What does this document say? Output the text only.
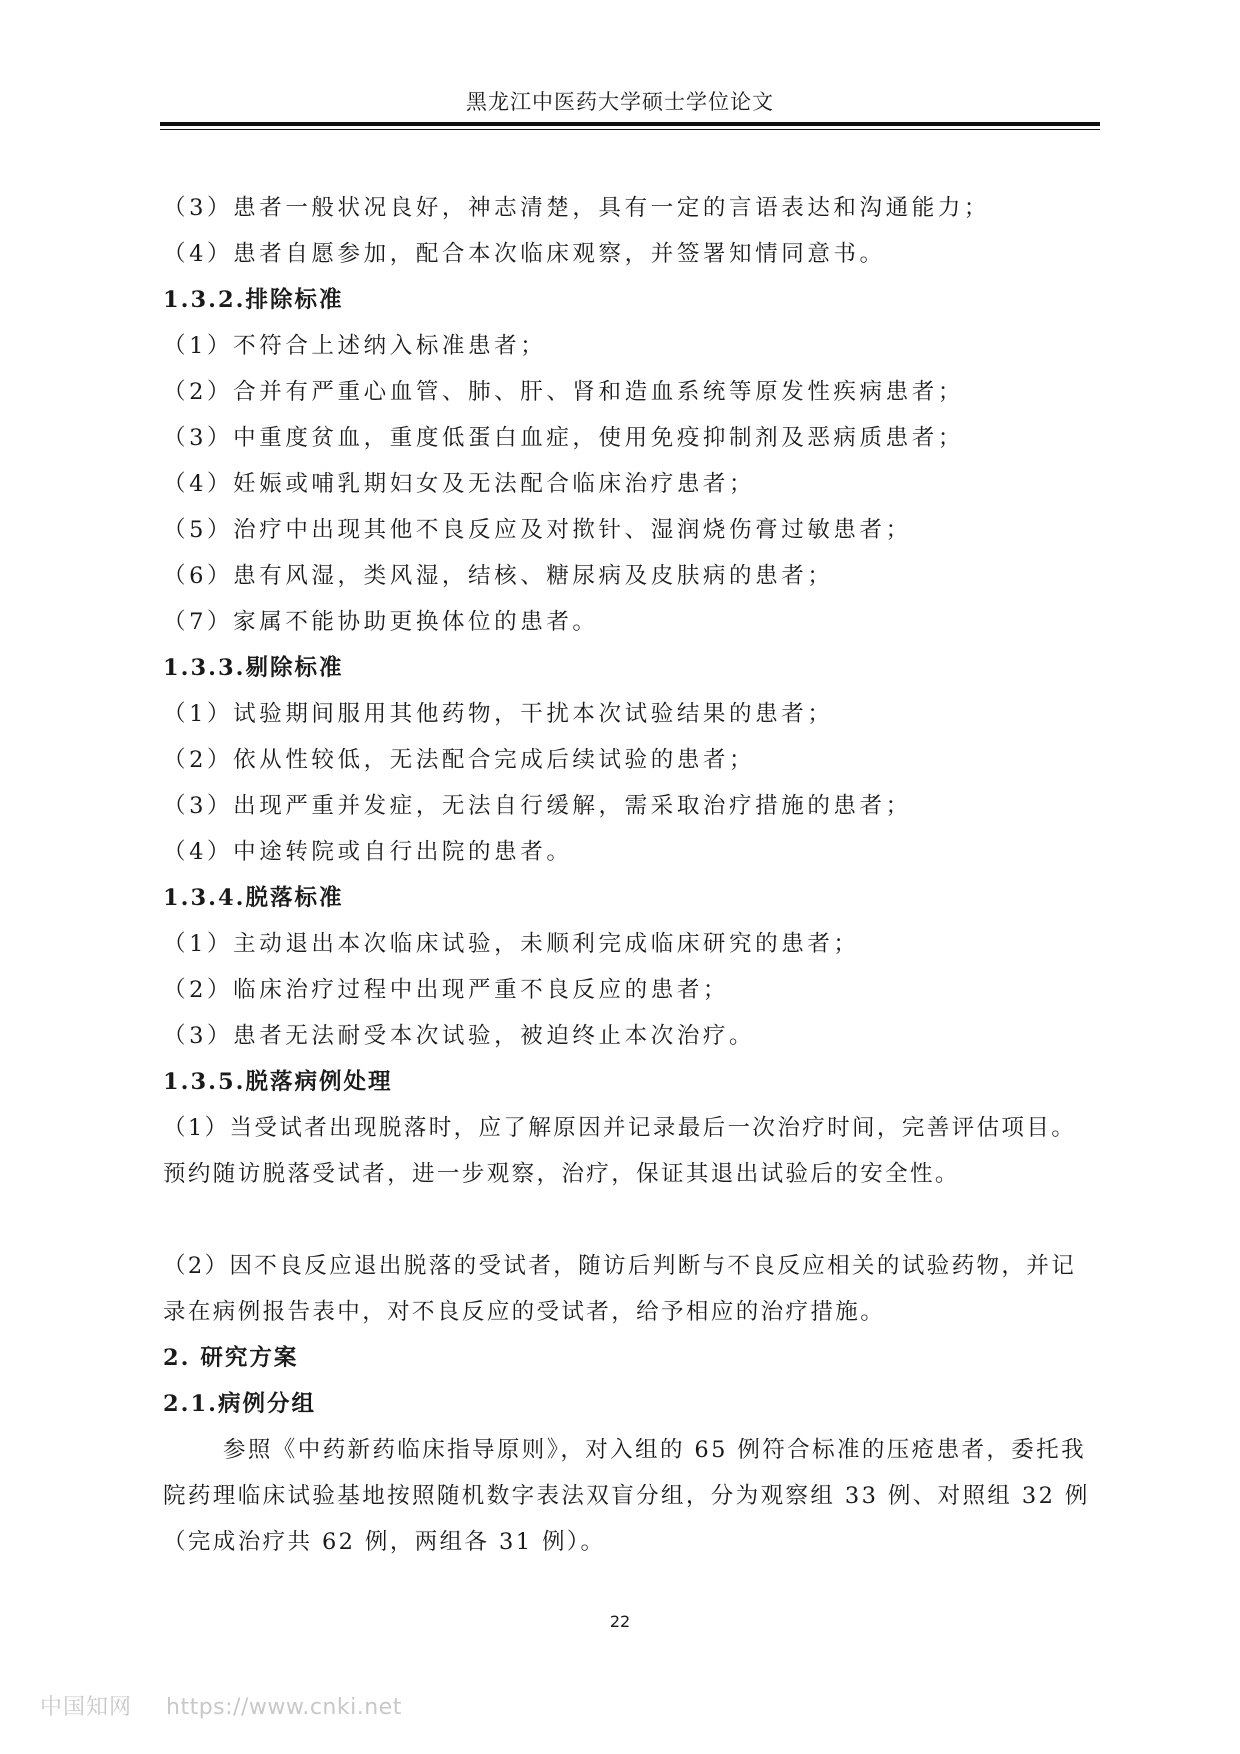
黑龙江中医药大学硕士学位论文
（3）患者一般状况良好，神志清楚，具有一定的言语表达和沟通能力；
（4）患者自愿参加，配合本次临床观察，并签署知情同意书。
1.3.2.排除标准
（1）不符合上述纳入标准患者；
（2）合并有严重心血管、肺、肝、肾和造血系统等原发性疾病患者；
（3）中重度贫血，重度低蛋白血症，使用免疫抑制剂及恶病质患者；
（4）妊娠或哺乳期妇女及无法配合临床治疗患者；
（5）治疗中出现其他不良反应及对揿针、湿润烧伤膏过敏患者；
（6）患有风湿，类风湿，结核、糖尿病及皮肤病的患者；
（7）家属不能协助更换体位的患者。
1.3.3.剔除标准
（1）试验期间服用其他药物，干扰本次试验结果的患者；
（2）依从性较低，无法配合完成后续试验的患者；
（3）出现严重并发症，无法自行缓解，需采取治疗措施的患者；
（4）中途转院或自行出院的患者。
1.3.4.脱落标准
（1）主动退出本次临床试验，未顺利完成临床研究的患者；
（2）临床治疗过程中出现严重不良反应的患者；
（3）患者无法耐受本次试验，被迫终止本次治疗。
1.3.5.脱落病例处理
（1）当受试者出现脱落时，应了解原因并记录最后一次治疗时间，完善评估项目。预约随访脱落受试者，进一步观察，治疗，保证其退出试验后的安全性。
（2）因不良反应退出脱落的受试者，随访后判断与不良反应相关的试验药物，并记录在病例报告表中，对不良反应的受试者，给予相应的治疗措施。
2. 研究方案
2.1.病例分组
参照《中药新药临床指导原则》，对入组的 65 例符合标准的压疮患者，委托我院药理临床试验基地按照随机数字表法双盲分组，分为观察组 33 例、对照组 32 例（完成治疗共 62 例，两组各 31 例）。
22
中国知网 https://www.cnki.net
